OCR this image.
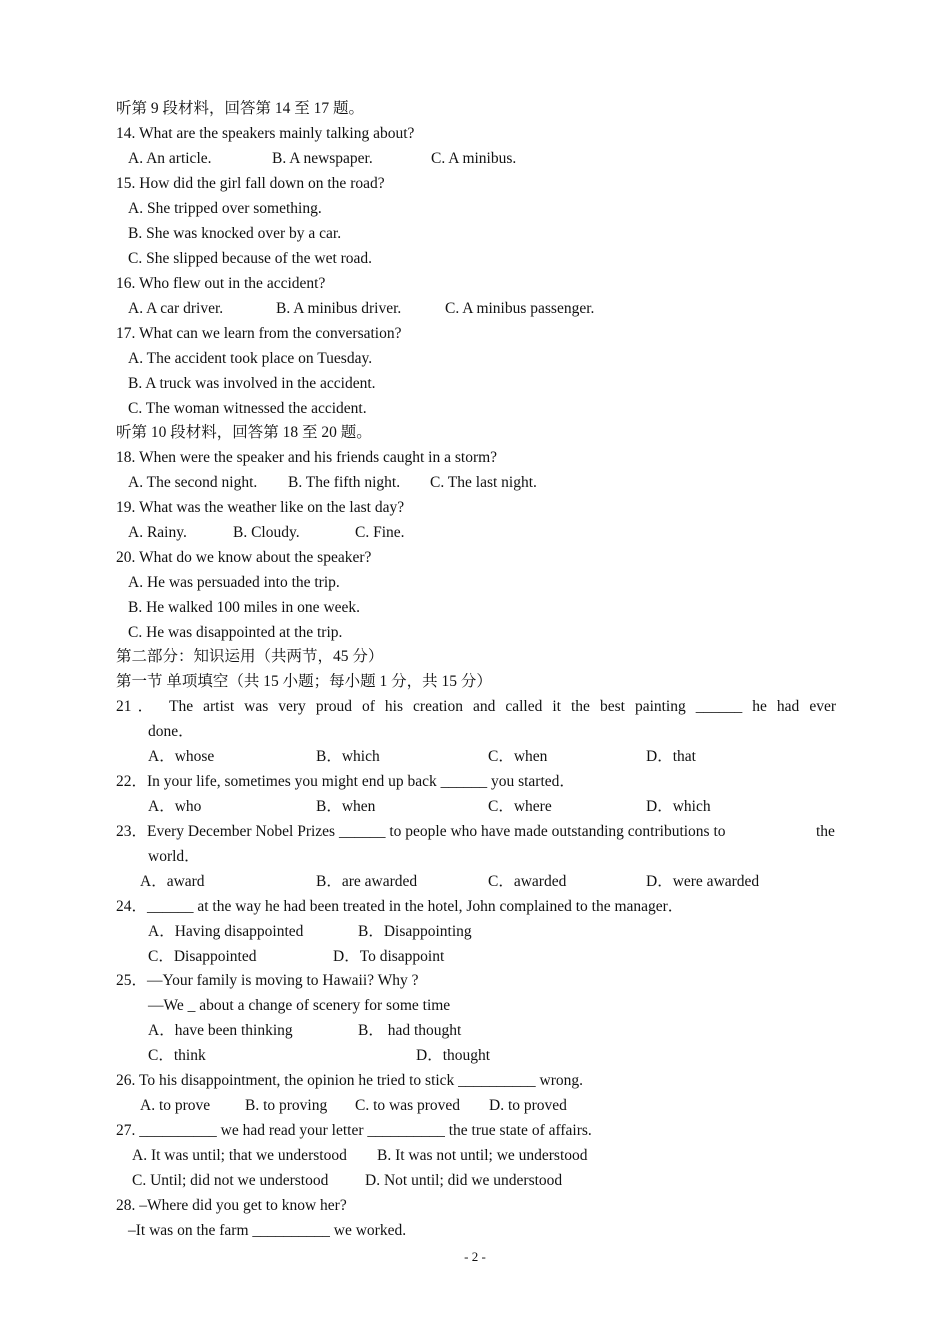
听第 9 段材料，回答第 14 至 17 题。
14. What are the speakers mainly talking about?
A. An article.	B. A newspaper.	C. A minibus.
15. How did the girl fall down on the road?
A. She tripped over something.
B. She was knocked over by a car.
C. She slipped because of the wet road.
16. Who flew out in the accident?
A. A car driver.	B. A minibus driver.	C. A minibus passenger.
17. What can we learn from the conversation?
A. The accident took place on Tuesday.
B. A truck was involved in the accident.
C. The woman witnessed the accident.
听第 10 段材料，回答第 18 至 20 题。
18. When were the speaker and his friends caught in a storm?
A. The second night. B. The fifth night. C. The last night.
19. What was the weather like on the last day?
A. Rainy.	B. Cloudy.	C. Fine.
20. What do we know about the speaker?
A. He was persuaded into the trip.
B. He walked 100 miles in one week.
C. He was disappointed at the trip.
第二部分：知识运用（共两节，45 分）
第一节 单项填空（共 15 小题；每小题 1 分，共 15 分）
21． The artist was very proud of his creation and called it the best painting ______ he had ever
done．
A．whose	B．which	C．when	D．that
22．In your life, sometimes you might end up back ______ you started．
A．who	B．when	C．where	D．which
23．Every December Nobel Prizes ______ to people who have made outstanding contributions to	the
world．
A．award	B．are awarded	C．awarded	D．were awarded
24．______ at the way he had been treated in the hotel, John complained to the manager．
A．Having disappointed	B．Disappointing
C．Disappointed	D．To disappoint
25．—Your family is moving to Hawaii? Why ?
—We _ about a change of scenery for some time
A．have been thinking	B． had thought
C．think	D．thought
26. To his disappointment, the opinion he tried to stick __________ wrong.
A. to prove B. to proving C. to was proved D. to proved
27. __________ we had read your letter __________ the true state of affairs.
A. It was until; that we understood B. It was not until; we understood
C. Until; did not we understood D. Not until; did we understood
28. –Where did you get to know her?
–It was on the farm __________ we worked.
- 2 -
